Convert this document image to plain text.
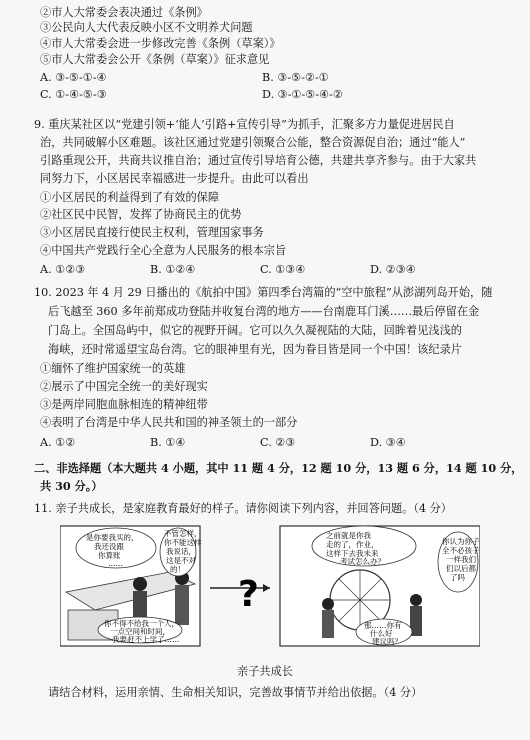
②市人大常委会表决通过《条例》
③公民向人大代表反映小区不文明养犬问题
④市人大常委会进一步修改完善《条例（草案）》
⑤市人大常委会公开《条例（草案）》征求意见
A. ③-⑤-①-④	B. ③-⑤-②-①
C. ①-④-⑤-③	D. ③-①-⑤-④-②
9. 重庆某社区以“党建引领+‘能人’引路+宣传引导”为抓手，汇聚多方力量促进居民自
治，共同破解小区难题。该社区通过党建引领聚合公能，整合资源促自治；通过“能人”
引路重现公开，共商共议推自治；通过宣传引导培育公德，共建共享齐参与。由于大家共
同努力下，小区居民幸福感进一步提升。由此可以看出
①小区居民的利益得到了有效的保障
②社区民中民智，发挥了协商民主的优势
③小区居民直接行使民主权利，管理国家事务
④中国共产党践行全心全意为人民服务的根本宗旨
A. ①②③	B. ①②④	C. ①③④	D. ②③④
10. 2023 年 4 月 29 日播出的《航拍中国》第四季台湾篇的“空中旅程”从澎湖列岛开始，随
后飞越至 360 多年前郑成功登陆并收复台湾的地方——台南鹿耳门溪……最后停留在金
门岛上。全国岛屿中，似它的视野开阔。它可以久久凝视陆的大陆，回眸着见浅浅的
海峡，还时常遥望宝岛台湾。它的眼神里有光，因为眷目皆是同一个中国！该纪录片
①缅怀了维护国家统一的英雄
②展示了中国完全统一的美好现实
③是两岸同胞血脉相连的精神纽带
④表明了台湾是中华人民共和国的神圣领土的一部分
A. ①②	B. ①④	C. ②③	D. ③④
二、非选择题（本大题共 4 小题，其中 11 题 4 分，12 题 10 分，13 题 6 分，14 题 10 分，
共 30 分。）
11. 亲子共成长，是家庭教育最好的样子。请你阅读下列内容，并回答问题。（4 分）
是你要我买的，
我还没跟
你算账
……
不管怎样，
你不能这样
我说话，
这是不对
的！
你不得不给我一个人，
一点空间和时间，
我要赶不上学了……
?
之前就是你我
走的了，作业，
这样下去我未来
考试怎么办？
你认为你子
全不必孩子
一样我们
们以后都
了吗
那……你有
什么好
建议吗？
亲子共成长
请结合材料，运用亲情、生命相关知识，完善故事情节并给出依据。（4 分）
